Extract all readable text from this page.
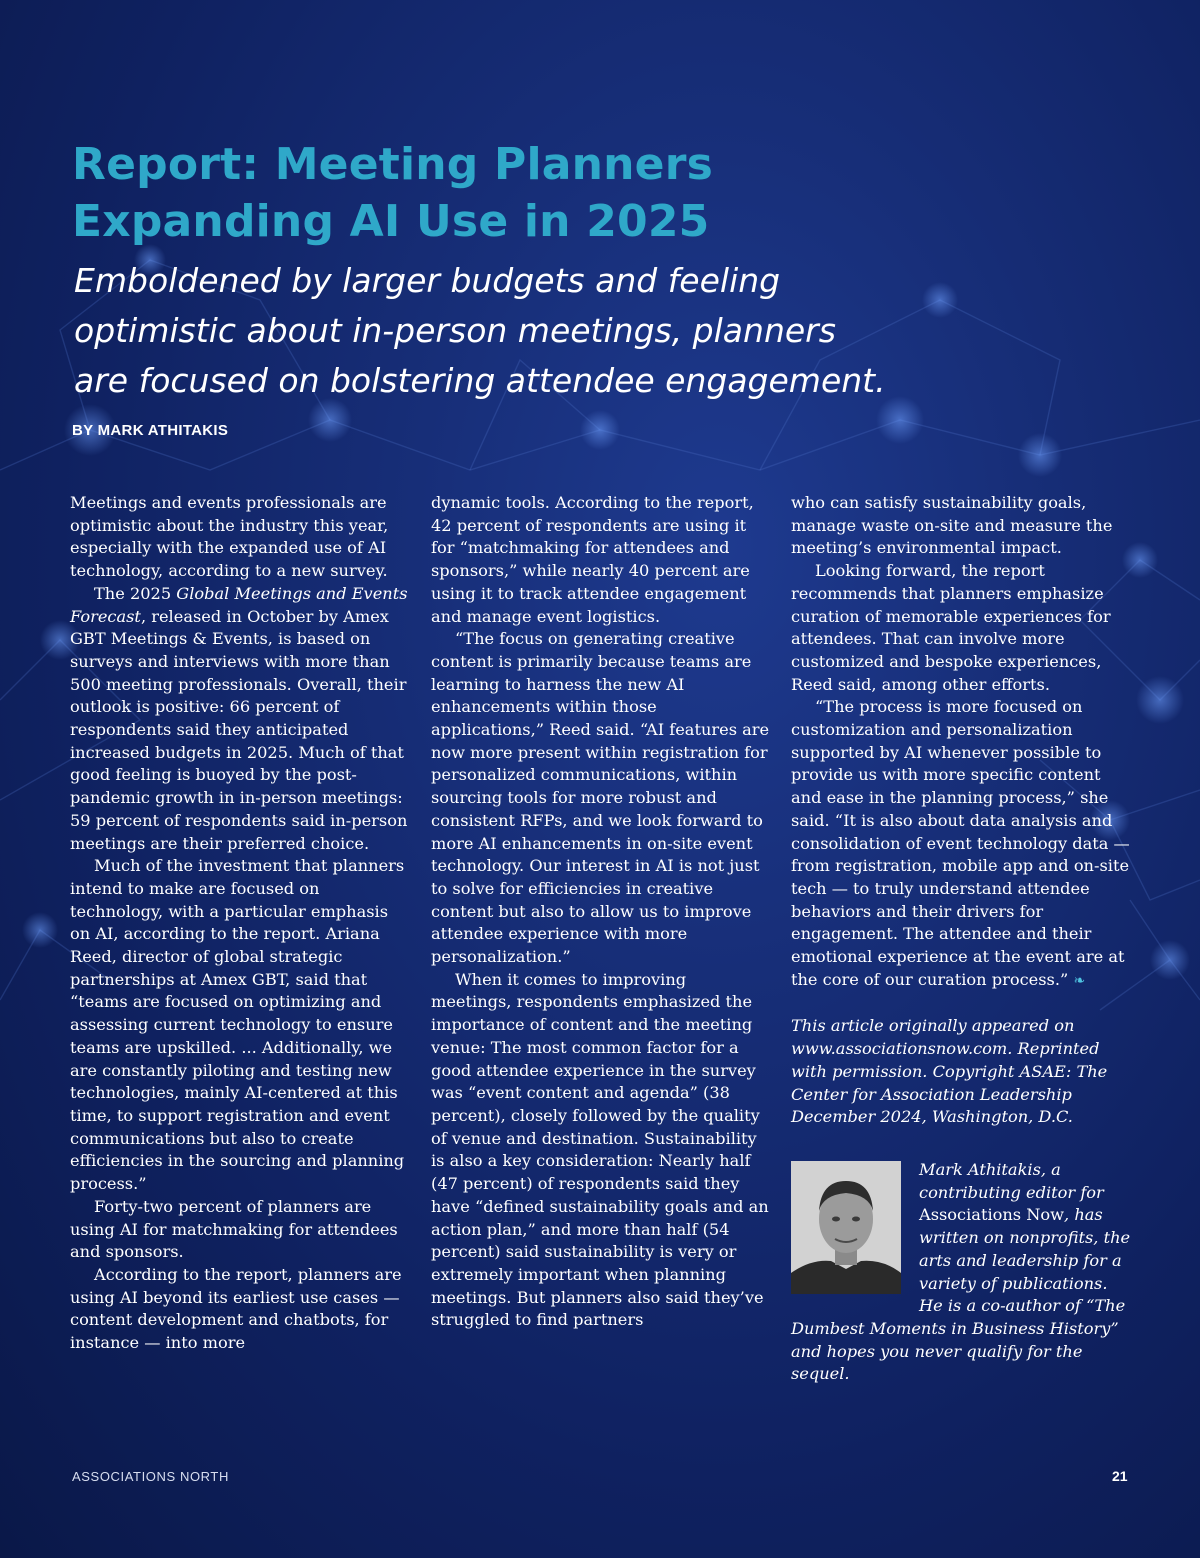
Report: Meeting Planners
Expanding AI Use in 2025
Emboldened by larger budgets and feeling
optimistic about in-person meetings, planners
are focused on bolstering attendee engagement.
BY MARK ATHITAKIS

Meetings and events professionals are optimistic about the industry this year, especially with the expanded use of AI technology, according to a new survey.

The 2025 Global Meetings and Events Forecast, released in October by Amex GBT Meetings & Events, is based on surveys and interviews with more than 500 meeting professionals. Overall, their outlook is positive: 66 percent of respondents said they anticipated increased budgets in 2025. Much of that good feeling is buoyed by the post-pandemic growth in in-person meetings: 59 percent of respondents said in-person meetings are their preferred choice.

Much of the investment that planners intend to make are focused on technology, with a particular emphasis on AI, according to the report. Ariana Reed, director of global strategic partnerships at Amex GBT, said that “teams are focused on optimizing and assessing current technology to ensure teams are upskilled. ... Additionally, we are constantly piloting and testing new technologies, mainly AI-centered at this time, to support registration and event communications but also to create efficiencies in the sourcing and planning process.”

Forty-two percent of planners are using AI for matchmaking for attendees and sponsors.

According to the report, planners are using AI beyond its earliest use cases — content development and chatbots, for instance — into more

dynamic tools. According to the report, 42 percent of respondents are using it for “matchmaking for attendees and sponsors,” while nearly 40 percent are using it to track attendee engagement and manage event logistics.

“The focus on generating creative content is primarily because teams are learning to harness the new AI enhancements within those applications,” Reed said. “AI features are now more present within registration for personalized communications, within sourcing tools for more robust and consistent RFPs, and we look forward to more AI enhancements in on-site event technology. Our interest in AI is not just to solve for efficiencies in creative content but also to allow us to improve attendee experience with more personalization.”

When it comes to improving meetings, respondents emphasized the importance of content and the meeting venue: The most common factor for a good attendee experience in the survey was “event content and agenda” (38 percent), closely followed by the quality of venue and destination. Sustainability is also a key consideration: Nearly half (47 percent) of respondents said they have “defined sustainability goals and an action plan,” and more than half (54 percent) said sustainability is very or extremely important when planning meetings. But planners also said they’ve struggled to find partners

who can satisfy sustainability goals, manage waste on-site and measure the meeting’s environmental impact.

Looking forward, the report recommends that planners emphasize curation of memorable experiences for attendees. That can involve more customized and bespoke experiences, Reed said, among other efforts.

“The process is more focused on customization and personalization supported by AI whenever possible to provide us with more specific content and ease in the planning process,” she said. “It is also about data analysis and consolidation of event technology data — from registration, mobile app and on-site tech — to truly understand attendee behaviors and their drivers for engagement. The attendee and their emotional experience at the event are at the core of our curation process.” ❧

This article originally appeared on www.associationsnow.com. Reprinted with permission. Copyright ASAE: The Center for Association Leadership December 2024, Washington, D.C.

Mark Athitakis, a contributing editor for Associations Now, has written on nonprofits, the arts and leadership for a variety of publications. He is a co-author of “The Dumbest Moments in Business History” and hopes you never qualify for the sequel.

ASSOCIATIONS NORTH	21
